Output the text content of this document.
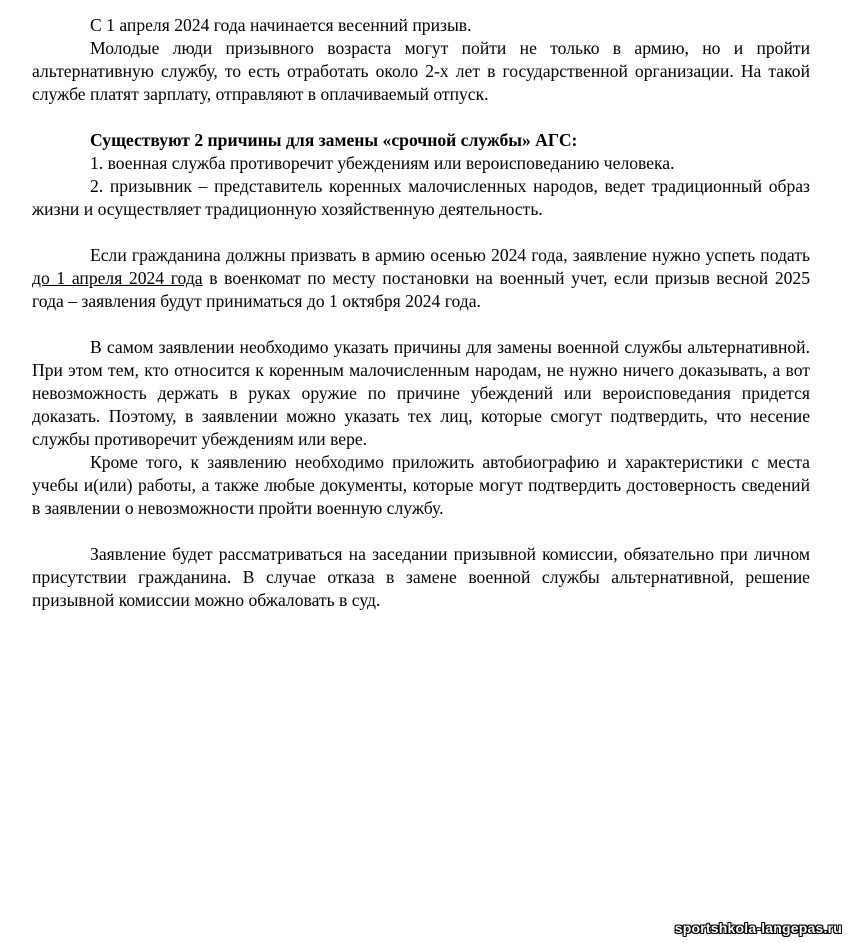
С 1 апреля 2024 года начинается весенний призыв.

Молодые люди призывного возраста могут пойти не только в армию, но и пройти альтернативную службу, то есть отработать около 2-х лет в государственной организации. На такой службе платят зарплату, отправляют в оплачиваемый отпуск.

Существуют 2 причины для замены «срочной службы» АГС:

1. военная служба противоречит убеждениям или вероисповеданию человека.

2. призывник – представитель коренных малочисленных народов, ведет традиционный образ жизни и осуществляет традиционную хозяйственную деятельность.

Если гражданина должны призвать в армию осенью 2024 года, заявление нужно успеть подать до 1 апреля 2024 года в военкомат по месту постановки на военный учет, если призыв весной 2025 года – заявления будут приниматься до 1 октября 2024 года.

В самом заявлении необходимо указать причины для замены военной службы альтернативной. При этом тем, кто относится к коренным малочисленным народам, не нужно ничего доказывать, а вот невозможность держать в руках оружие по причине убеждений или вероисповедания придется доказать. Поэтому, в заявлении можно указать тех лиц, которые смогут подтвердить, что несение службы противоречит убеждениям или вере.

Кроме того, к заявлению необходимо приложить автобиографию и характеристики с места учебы и(или) работы, а также любые документы, которые могут подтвердить достоверность сведений в заявлении о невозможности пройти военную службу.

Заявление будет рассматриваться на заседании призывной комиссии, обязательно при личном присутствии гражданина. В случае отказа в замене военной службы альтернативной, решение призывной комиссии можно обжаловать в суд.

sportshkola-langepas.ru
